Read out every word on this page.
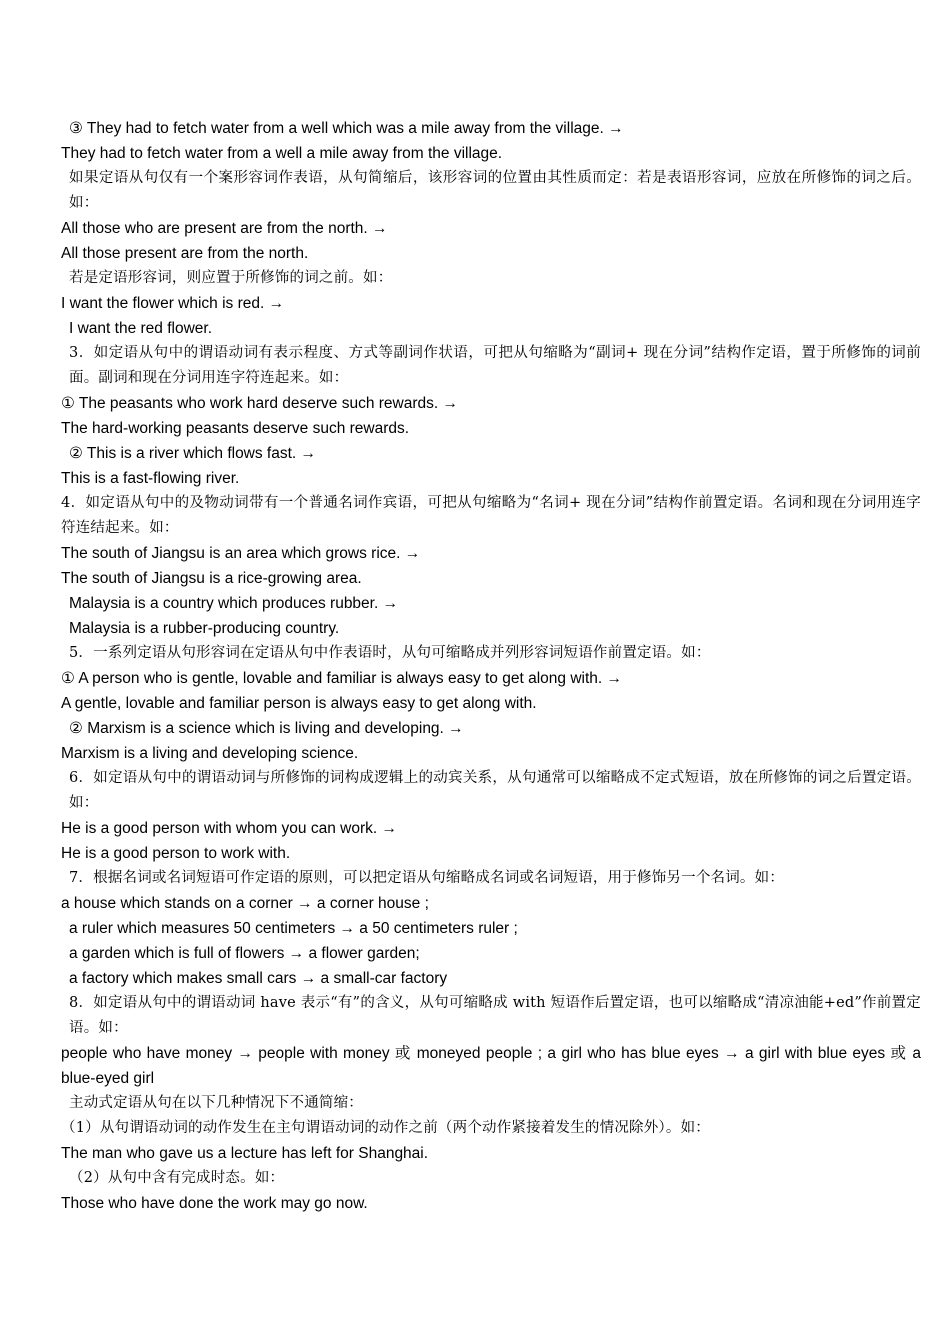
③ They had to fetch water from a well which was a mile away from the village. →
They had to fetch water from a well a mile away from the village.
如果定语从句仅有一个案形容词作表语，从句简缩后，该形容词的位置由其性质而定：若是表语形容词，应放在所修饰的词之后。如：
All those who are present are from the north. →
All those present are from the north.
若是定语形容词，则应置于所修饰的词之前。如：
I want the flower which is red. →
I want the red flower.
3．如定语从句中的谓语动词有表示程度、方式等副词作状语，可把从句缩略为“副词+ 现在分词”结构作定语，置于所修饰的词前面。副词和现在分词用连字符连起来。如：
① The peasants who work hard deserve such rewards. →
The hard-working peasants deserve such rewards.
② This is a river which flows fast. →
This is a fast-flowing river.
4．如定语从句中的及物动词带有一个普通名词作宾语，可把从句缩略为“名词+ 现在分词”结构作前置定语。名词和现在分词用连字符连结起来。如：
The south of Jiangsu is an area which grows rice. →
The south of Jiangsu is a rice-growing area.
Malaysia is a country which produces rubber. →
Malaysia is a rubber-producing country.
5．一系列定语从句形容词在定语从句中作表语时，从句可缩略成并列形容词短语作前置定语。如：
① A person who is gentle, lovable and familiar is always easy to get along with. →
A gentle, lovable and familiar person is always easy to get along with.
② Marxism is a science which is living and developing. →
Marxism is a living and developing science.
6．如定语从句中的谓语动词与所修饰的词构成逻辑上的动宾关系，从句通常可以缩略成不定式短语，放在所修饰的词之后置定语。如：
He is a good person with whom you can work. →
He is a good person to work with.
7．根据名词或名词短语可作定语的原则，可以把定语从句缩略成名词或名词短语，用于修饰另一个名词。如：
a house which stands on a corner → a corner house ;
a ruler which measures 50 centimeters → a 50 centimeters ruler ;
a garden which is full of flowers → a flower garden;
a factory which makes small cars → a small-car factory
8．如定语从句中的谓语动词 have 表示“有”的含义，从句可缩略成 with 短语作后置定语，也可以缩略成“清凉油能+ed”作前置定语。如：
people who have money → people with money 或 moneyed people ; a girl who has blue eyes → a girl with blue eyes 或 a blue-eyed girl
主动式定语从句在以下几种情况下不通简缩：
（1）从句谓语动词的动作发生在主句谓语动词的动作之前（两个动作紧接着发生的情况除外）。如：
The man who gave us a lecture has left for Shanghai.
（2）从句中含有完成时态。如：
Those who have done the work may go now.
